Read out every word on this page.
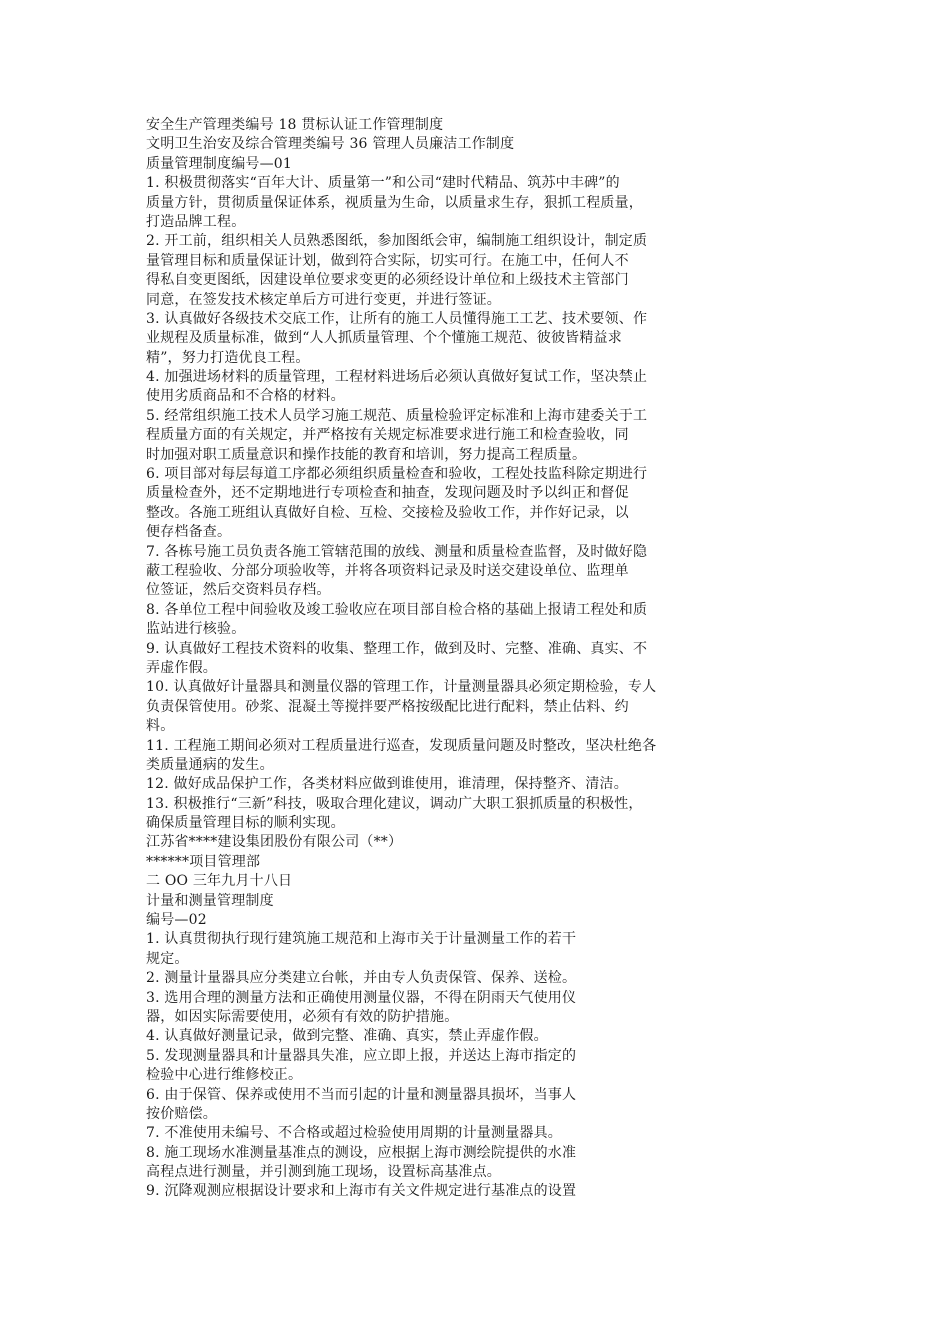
安全生产管理类编号 18 贯标认证工作管理制度
文明卫生治安及综合管理类编号 36 管理人员廉洁工作制度
质量管理制度编号—01
1. 积极贯彻落实“百年大计、质量第一”和公司“建时代精品、筑苏中丰碑”的
质量方针，贯彻质量保证体系，视质量为生命，以质量求生存，狠抓工程质量，
打造品牌工程。
2. 开工前，组织相关人员熟悉图纸，参加图纸会审，编制施工组织设计，制定质
量管理目标和质量保证计划，做到符合实际，切实可行。在施工中，任何人不
得私自变更图纸，因建设单位要求变更的必须经设计单位和上级技术主管部门
同意，在签发技术核定单后方可进行变更，并进行签证。
3. 认真做好各级技术交底工作，让所有的施工人员懂得施工工艺、技术要领、作
业规程及质量标准，做到“人人抓质量管理、个个懂施工规范、彼彼皆精益求
精”，努力打造优良工程。
4. 加强进场材料的质量管理，工程材料进场后必须认真做好复试工作，坚决禁止
使用劣质商品和不合格的材料。
5. 经常组织施工技术人员学习施工规范、质量检验评定标准和上海市建委关于工
程质量方面的有关规定，并严格按有关规定标准要求进行施工和检查验收，同
时加强对职工质量意识和操作技能的教育和培训，努力提高工程质量。
6. 项目部对每层每道工序都必须组织质量检查和验收，工程处技监科除定期进行
质量检查外，还不定期地进行专项检查和抽查，发现问题及时予以纠正和督促
整改。各施工班组认真做好自检、互检、交接检及验收工作，并作好记录，以
便存档备查。
7. 各栋号施工员负责各施工管辖范围的放线、测量和质量检查监督，及时做好隐
蔽工程验收、分部分项验收等，并将各项资料记录及时送交建设单位、监理单
位签证，然后交资料员存档。
8. 各单位工程中间验收及竣工验收应在项目部自检合格的基础上报请工程处和质
监站进行核验。
9. 认真做好工程技术资料的收集、整理工作，做到及时、完整、准确、真实、不
弄虚作假。
10. 认真做好计量器具和测量仪器的管理工作，计量测量器具必须定期检验，专人
负责保管使用。砂浆、混凝土等搅拌要严格按级配比进行配料，禁止估料、约
料。
11. 工程施工期间必须对工程质量进行巡查，发现质量问题及时整改，坚决杜绝各
类质量通病的发生。
12. 做好成品保护工作，各类材料应做到谁使用，谁清理，保持整齐、清洁。
13. 积极推行“三新”科技，吸取合理化建议，调动广大职工狠抓质量的积极性，
确保质量管理目标的顺利实现。
江苏省****建设集团股份有限公司（**）
******项目管理部
二 OO 三年九月十八日
计量和测量管理制度
编号—02
1. 认真贯彻执行现行建筑施工规范和上海市关于计量测量工作的若干
规定。
2. 测量计量器具应分类建立台帐，并由专人负责保管、保养、送检。
3. 选用合理的测量方法和正确使用测量仪器，不得在阴雨天气使用仪
器，如因实际需要使用，必须有有效的防护措施。
4. 认真做好测量记录，做到完整、准确、真实，禁止弄虚作假。
5. 发现测量器具和计量器具失准，应立即上报，并送达上海市指定的
检验中心进行维修校正。
6. 由于保管、保养或使用不当而引起的计量和测量器具损坏，当事人
按价赔偿。
7. 不准使用未编号、不合格或超过检验使用周期的计量测量器具。
8. 施工现场水准测量基准点的测设，应根据上海市测绘院提供的水准
高程点进行测量，并引测到施工现场，设置标高基准点。
9. 沉降观测应根据设计要求和上海市有关文件规定进行基准点的设置
